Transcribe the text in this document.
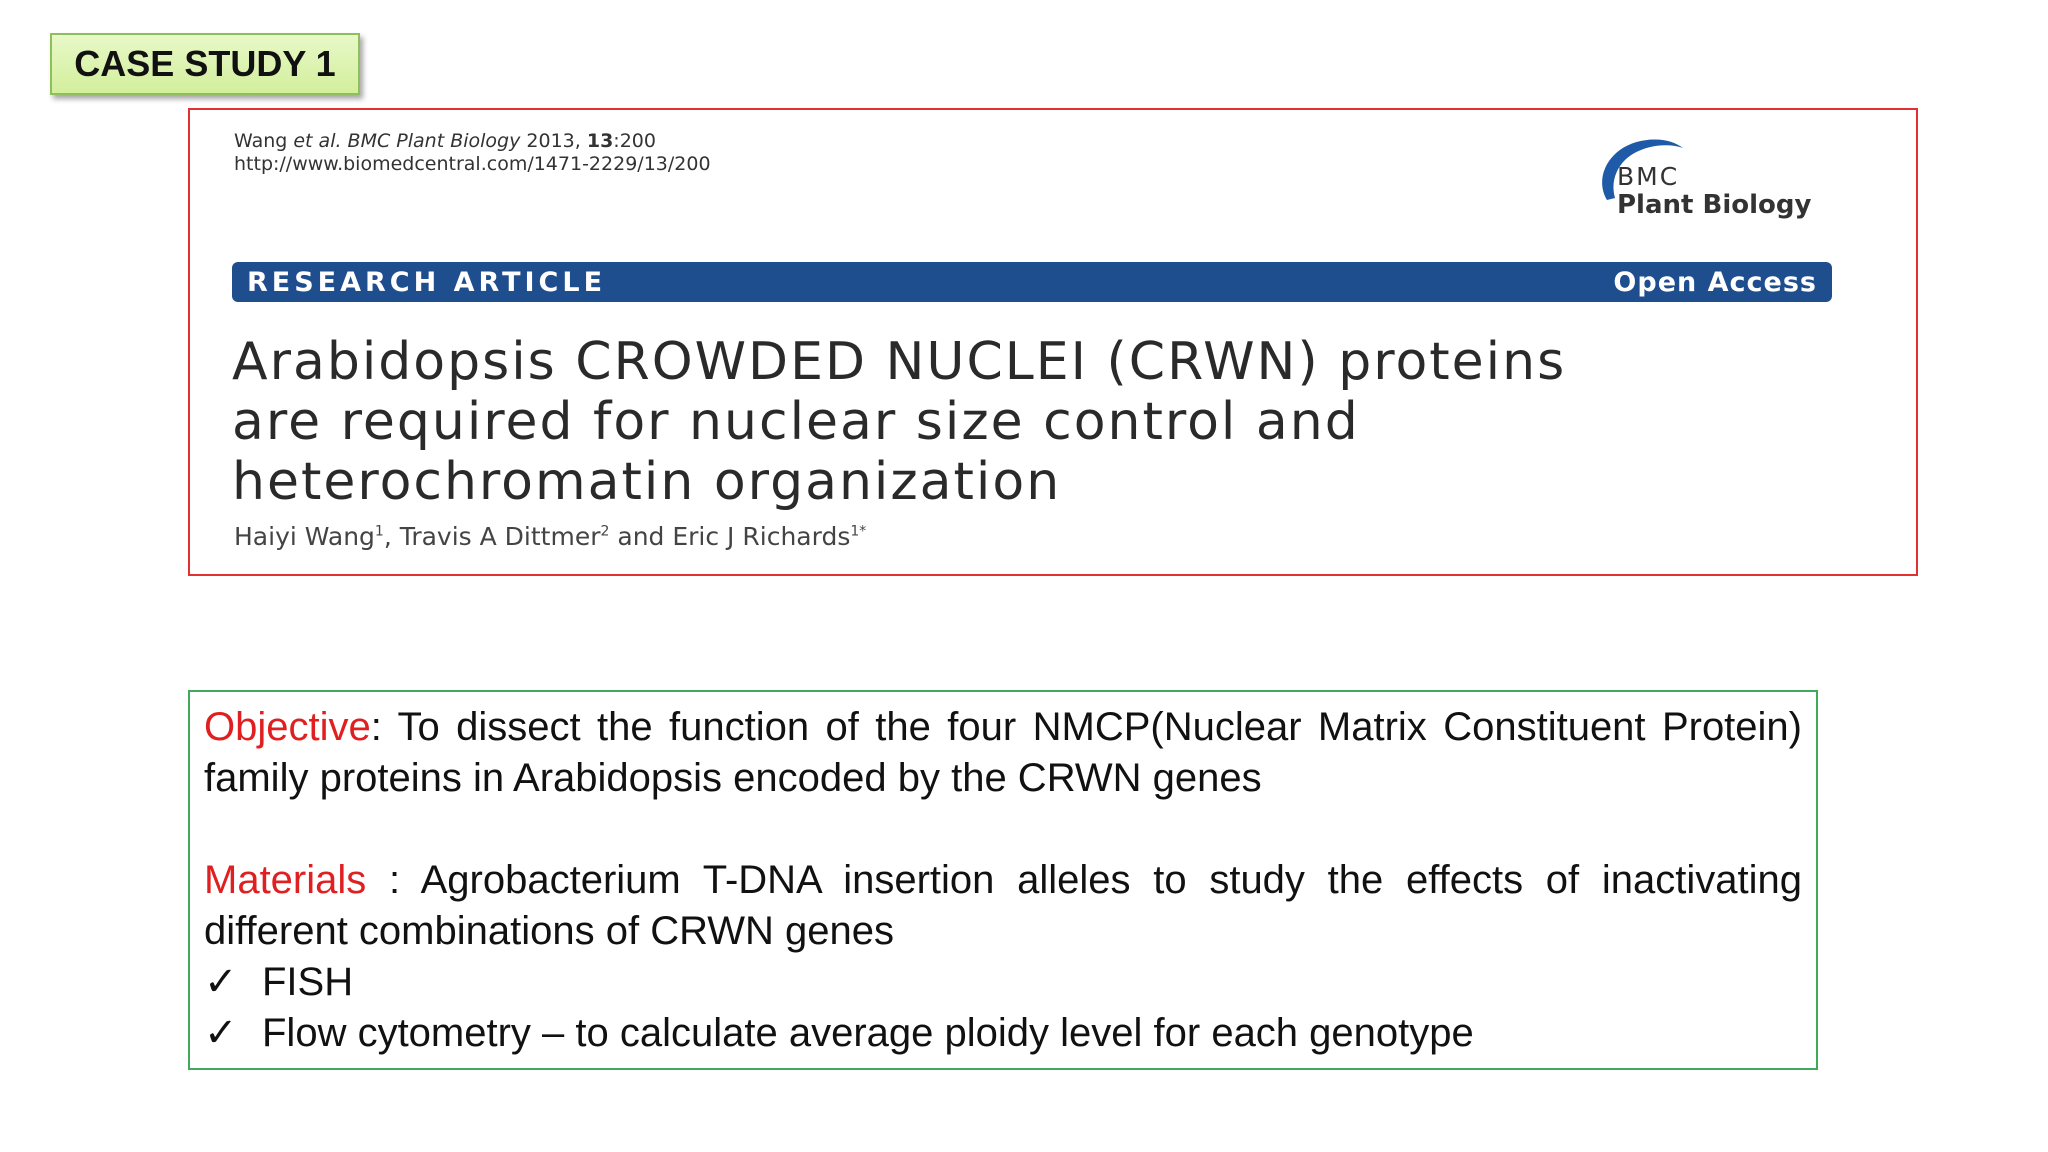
CASE STUDY 1
Wang et al. BMC Plant Biology 2013, 13:200
http://www.biomedcentral.com/1471-2229/13/200	BMC
Plant Biology
RESEARCH ARTICLE	Open Access
Arabidopsis CROWDED NUCLEI (CRWN) proteins
are required for nuclear size control and
heterochromatin organization
Haiyi Wang$^1$, Travis A Dittmer$^2$ and Eric J Richards$^{1*}$

Objective: To dissect the function of the four NMCP(Nuclear Matrix Constituent Protein) family proteins in Arabidopsis encoded by the CRWN genes

Materials : Agrobacterium T-DNA insertion alleles to study the effects of inactivating different combinations of CRWN genes

✓ FISH
✓ Flow cytometry – to calculate average ploidy level for each genotype
